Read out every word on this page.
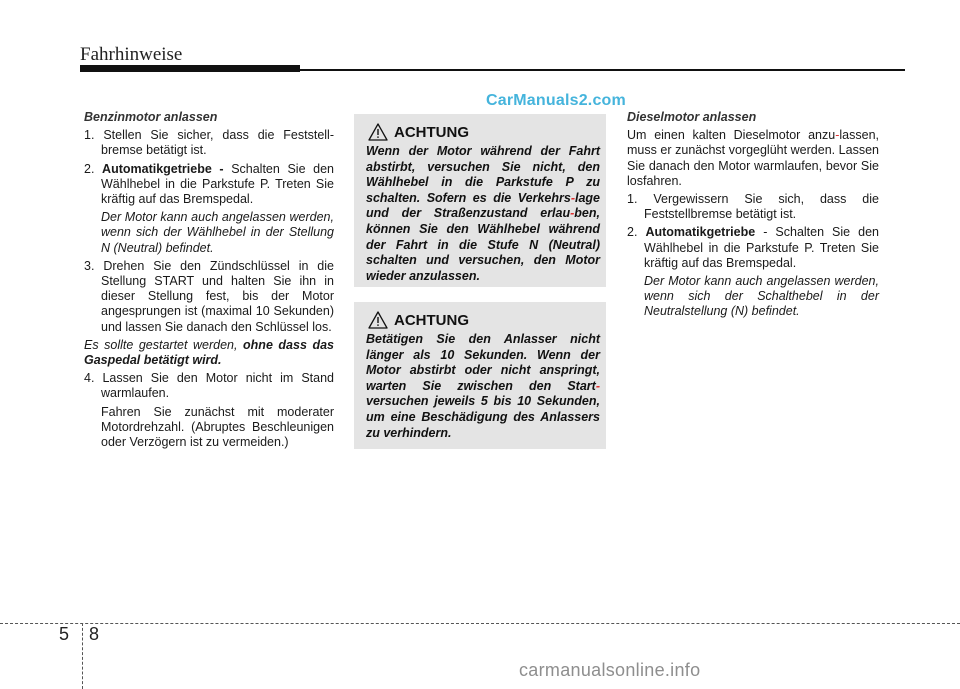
Fahrhinweise
CarManuals2.com

Benzinmotor anlassen

1. Stellen Sie sicher, dass die Feststell-bremse betätigt ist.

2. Automatikgetriebe - Schalten Sie den Wählhebel in die Parkstufe P. Treten Sie kräftig auf das Bremspedal.

Der Motor kann auch angelassen werden, wenn sich der Wählhebel in der Stellung N (Neutral) befindet.

3. Drehen Sie den Zündschlüssel in die Stellung START und halten Sie ihn in dieser Stellung fest, bis der Motor angesprungen ist (maximal 10 Sekunden) und lassen Sie danach den Schlüssel los.

Es sollte gestartet werden, ohne dass das Gaspedal betätigt wird.

4. Lassen Sie den Motor nicht im Stand warmlaufen.

Fahren Sie zunächst mit moderater Motordrehzahl. (Abruptes Beschleunigen oder Verzögern ist zu vermeiden.)

ACHTUNG
Wenn der Motor während der Fahrt abstirbt, versuchen Sie nicht, den Wählhebel in die Parkstufe P zu schalten. Sofern es die Verkehrs-lage und der Straßenzustand erlau-ben, können Sie den Wählhebel während der Fahrt in die Stufe N (Neutral) schalten und versuchen, den Motor wieder anzulassen.
ACHTUNG
Betätigen Sie den Anlasser nicht länger als 10 Sekunden. Wenn der Motor abstirbt oder nicht anspringt, warten Sie zwischen den Start-versuchen jeweils 5 bis 10 Sekunden, um eine Beschädigung des Anlassers zu verhindern.

Dieselmotor anlassen

Um einen kalten Dieselmotor anzu-lassen, muss er zunächst vorgeglüht werden. Lassen Sie danach den Motor warmlaufen, bevor Sie losfahren.

1. Vergewissern Sie sich, dass die Feststellbremse betätigt ist.

2. Automatikgetriebe - Schalten Sie den Wählhebel in die Parkstufe P. Treten Sie kräftig auf das Bremspedal.

Der Motor kann auch angelassen werden, wenn sich der Schalthebel in der Neutralstellung (N) befindet.

5 8
carmanualsonline.info
